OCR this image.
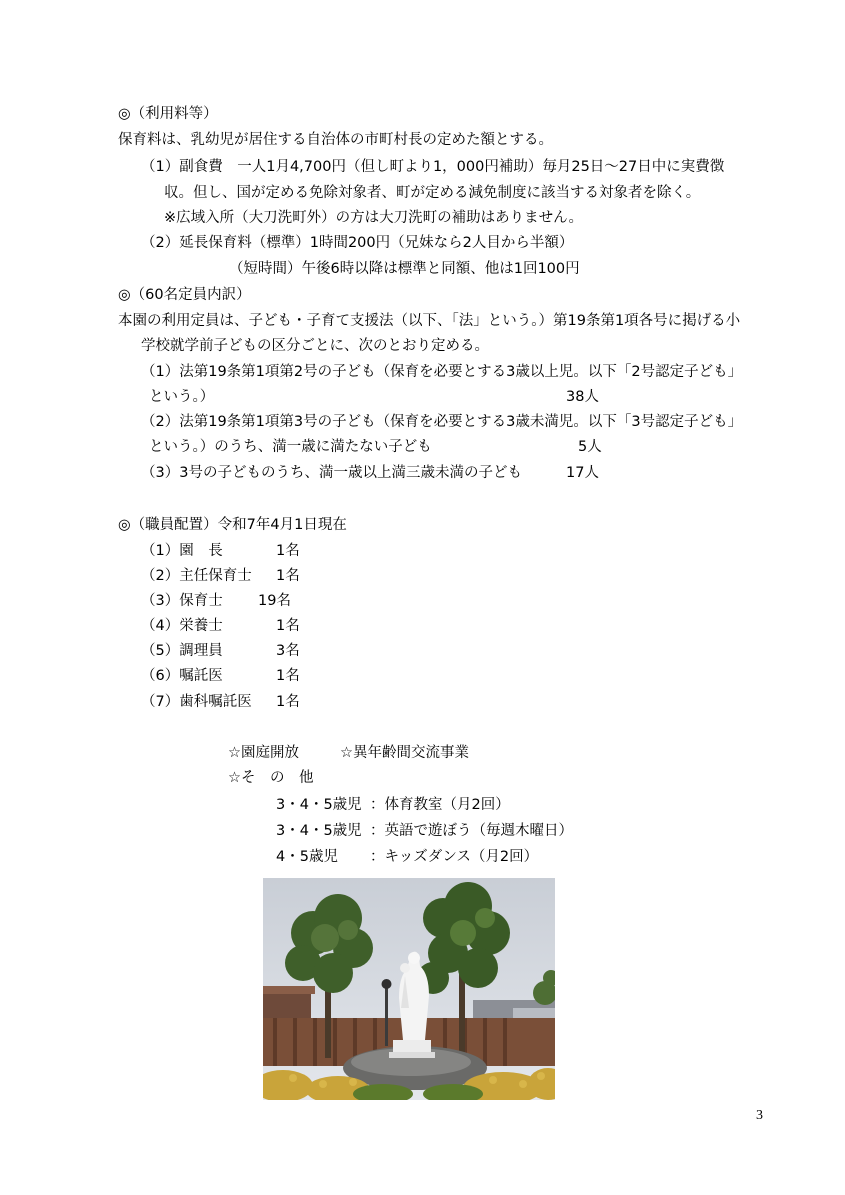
◎（利用料等）
保育料は、乳幼児が居住する自治体の市町村長の定めた額とする。
（1）副食費　一人1月4,700円（但し町より1，000円補助）毎月25日～27日中に実費徴
収。但し、国が定める免除対象者、町が定める減免制度に該当する対象者を除く。
※広域入所（大刀洗町外）の方は大刀洗町の補助はありません。
（2）延長保育料（標準）1時間200円（兄妹なら2人目から半額）
（短時間）午後6時以降は標準と同額、他は1回100円
◎（60名定員内訳）
本園の利用定員は、子ども・子育て支援法（以下、「法」という。）第19条第1項各号に掲げる小
学校就学前子どもの区分ごとに、次のとおり定める。
（1）法第19条第1項第2号の子ども（保育を必要とする3歳以上児。以下「2号認定子ども」
という。）	38人
（2）法第19条第1項第3号の子ども（保育を必要とする3歳未満児。以下「3号認定子ども」
という。）のうち、満一歳に満たない子ども	5人
（3）3号の子どものうち、満一歳以上満三歳未満の子ども	17人
◎（職員配置）令和7年4月1日現在
（1）園　長	1名
（2）主任保育士 1名
（3）保育士 19名
（4）栄養士	1名
（5）調理員	3名
（6）嘱託医	1名
（7）歯科嘱託医 1名
☆園庭開放	☆異年齢間交流事業
☆そ　の　他
3・4・5歳児 ：体育教室（月2回）
3・4・5歳児 ：英語で遊ぼう（毎週木曜日）
4・5歳児 ：キッズダンス（月2回）
3
